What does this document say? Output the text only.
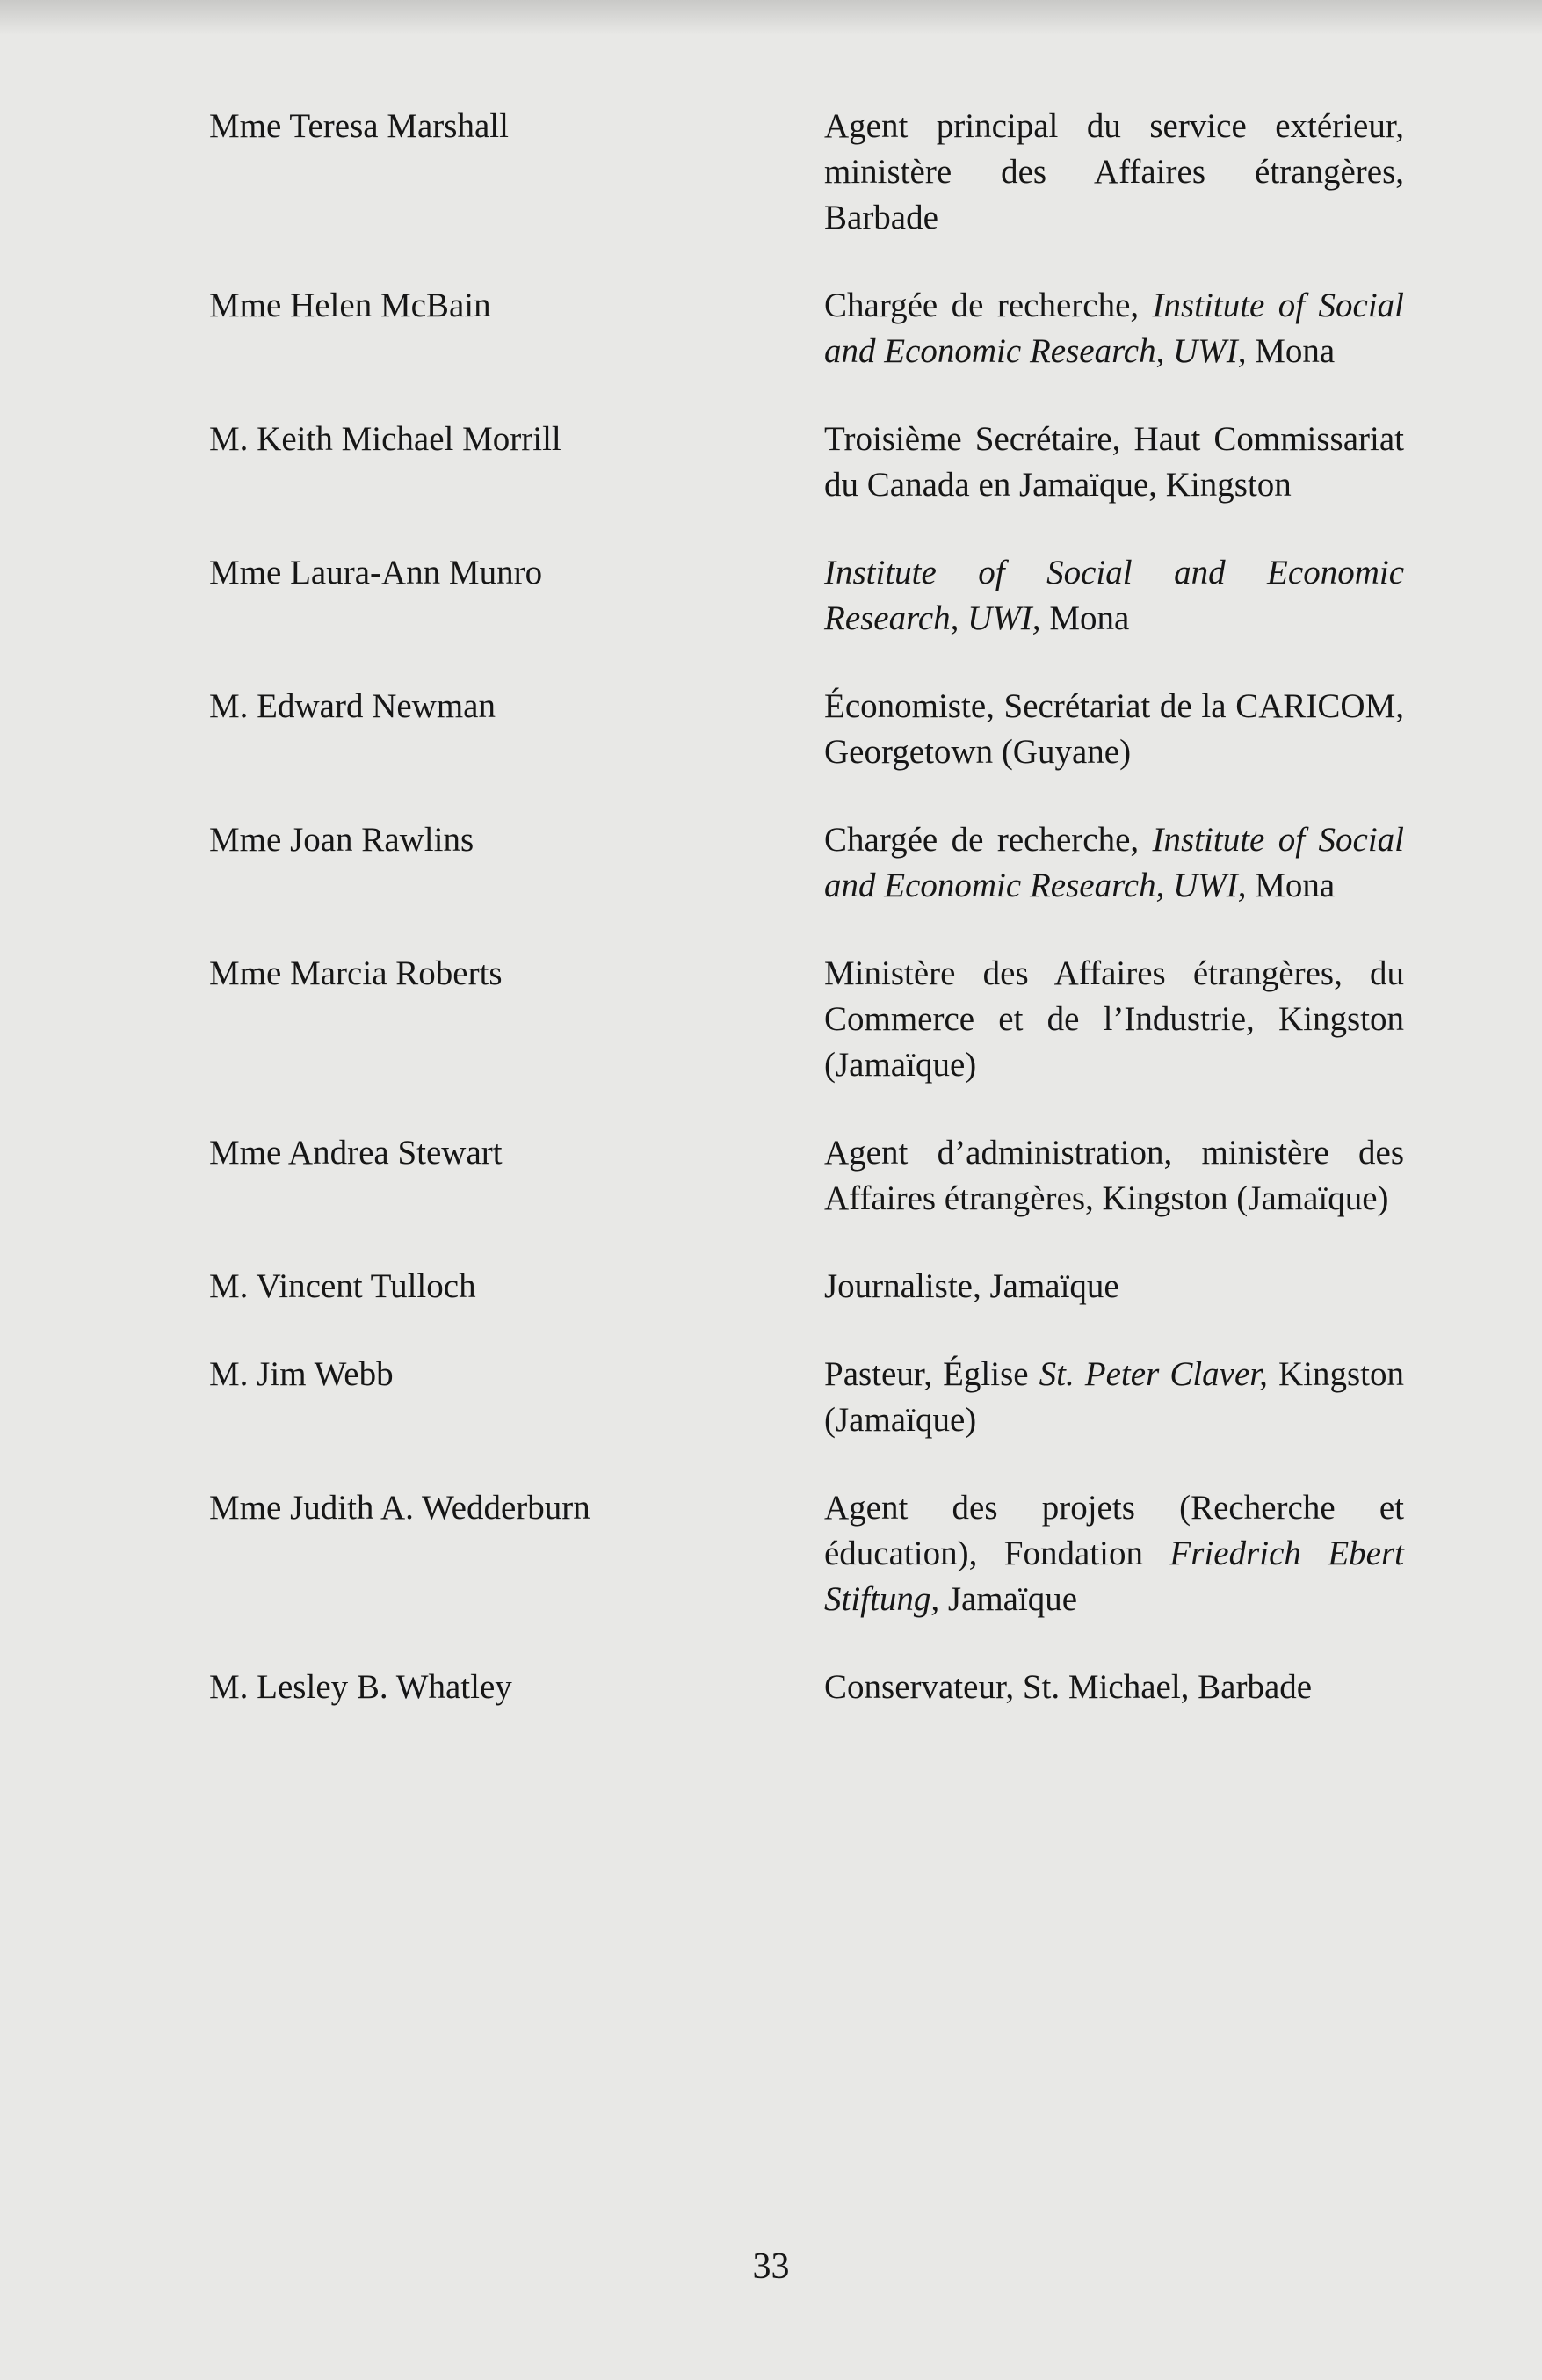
Mme Teresa Marshall	Agent principal du service extérieur, ministère des Affaires étrangères, Barbade
Mme Helen McBain	Chargée de recherche, Institute of Social and Economic Research, UWI, Mona
M. Keith Michael Morrill	Troisième Secrétaire, Haut Commissariat du Canada en Jamaïque, Kingston
Mme Laura-Ann Munro	Institute of Social and Economic Research, UWI, Mona
M. Edward Newman	Économiste, Secrétariat de la CARICOM, Georgetown (Guyane)
Mme Joan Rawlins	Chargée de recherche, Institute of Social and Economic Research, UWI, Mona
Mme Marcia Roberts	Ministère des Affaires étrangères, du Commerce et de l’Industrie, Kingston (Jamaïque)
Mme Andrea Stewart	Agent d’administration, ministère des Affaires étrangères, Kingston (Jamaïque)
M. Vincent Tulloch	Journaliste, Jamaïque
M. Jim Webb	Pasteur, Église St. Peter Claver, Kingston (Jamaïque)
Mme Judith A. Wedderburn	Agent des projets (Recherche et éducation), Fondation Friedrich Ebert Stiftung, Jamaïque
M. Lesley B. Whatley	Conservateur, St. Michael, Barbade
33
